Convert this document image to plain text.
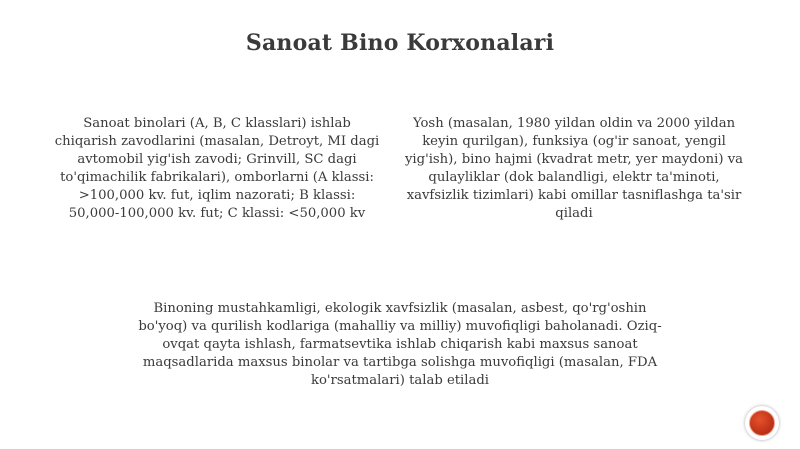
Sanoat Bino Korxonalari
Sanoat binolari (A, B, C klasslari) ishlab chiqarish zavodlarini (masalan, Detroyt, MI dagi avtomobil yig'ish zavodi; Grinvill, SC dagi to'qimachilik fabrikalari), omborlarni (A klassi: >100,000 kv. fut, iqlim nazorati; B klassi: 50,000-100,000 kv. fut; C klassi: <50,000 kv
Yosh (masalan, 1980 yildan oldin va 2000 yildan keyin qurilgan), funksiya (og'ir sanoat, yengil yig'ish), bino hajmi (kvadrat metr, yer maydoni) va qulayliklar (dok balandligi, elektr ta'minoti, xavfsizlik tizimlari) kabi omillar tasniflashga ta'sir qiladi
Binoning mustahkamligi, ekologik xavfsizlik (masalan, asbest, qo'rg'oshin bo'yoq) va qurilish kodlariga (mahalliy va milliy) muvofiqligi baholanadi. Oziq-ovqat qayta ishlash, farmatsevtika ishlab chiqarish kabi maxsus sanoat maqsadlarida maxsus binolar va tartibga solishga muvofiqligi (masalan, FDA ko'rsatmalari) talab etiladi
